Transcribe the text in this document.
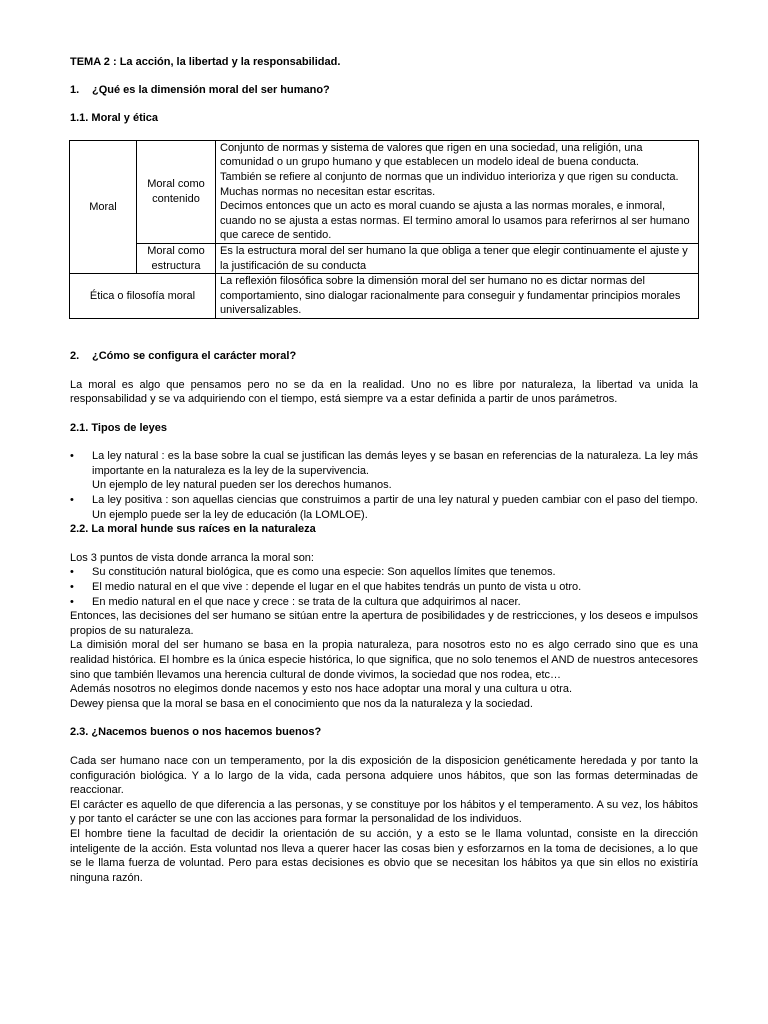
TEMA 2 : La acción, la libertad y la responsabilidad.
1.	¿Qué es la dimensión moral del ser humano?
1.1. Moral y ética
Moral	Moral como contenido	Conjunto de normas y sistema de valores que rigen en una sociedad, una religión, una comunidad o un grupo humano y que establecen un modelo ideal de buena conducta.
También se refiere al conjunto de normas que un individuo interioriza y que rigen su conducta. Muchas normas no necesitan estar escritas.
Decimos entonces que un acto es moral cuando se ajusta a las normas morales, e inmoral, cuando no se ajusta a estas normas. El termino amoral lo usamos para referirnos al ser humano que carece de sentido.

	Moral como estructura	Es la estructura moral del ser humano la que obliga a tener que elegir continuamente el ajuste y la justificación de su conducta
Ética o filosofía moral		La reflexión filosófica sobre la dimensión moral del ser humano no es dictar normas del comportamiento, sino dialogar racionalmente para conseguir y fundamentar principios morales universalizables.
2.	¿Cómo se configura el carácter moral?

La moral es algo que pensamos pero no se da en la realidad. Uno no es libre por naturaleza, la libertad va unida la responsabilidad y se va adquiriendo con el tiempo, está siempre va a estar definida a partir de unos parámetros.

2.1. Tipos de leyes
• La ley natural : es la base sobre la cual se justifican las demás leyes y se basan en referencias de la naturaleza. La ley más importante en la naturaleza es la ley de la supervivencia.
Un ejemplo de ley natural pueden ser los derechos humanos.
• La ley positiva : son aquellas ciencias que construimos a partir de una ley natural y pueden cambiar con el paso del tiempo. Un ejemplo puede ser la ley de educación (la LOMLOE).
2.2. La moral hunde sus raíces en la naturaleza

Los 3 puntos de vista donde arranca la moral son:

• Su constitución natural biológica, que es como una especie: Son aquellos límites que tenemos.
• El medio natural en el que vive : depende el lugar en el que habites tendrás un punto de vista u otro.
• En medio natural en el que nace y crece : se trata de la cultura que adquirimos al nacer.

Entonces, las decisiones del ser humano se sitúan entre la apertura de posibilidades y de restricciones, y los deseos e impulsos propios de su naturaleza.

La dimisión moral del ser humano se basa en la propia naturaleza, para nosotros esto no es algo cerrado sino que es una realidad histórica. El hombre es la única especie histórica, lo que significa, que no solo tenemos el AND de nuestros antecesores sino que también llevamos una herencia cultural de donde vivimos, la sociedad que nos rodea, etc…

Además nosotros no elegimos donde nacemos y esto nos hace adoptar una moral y una cultura u otra.

Dewey piensa que la moral se basa en el conocimiento que nos da la naturaleza y la sociedad.

2.3. ¿Nacemos buenos o nos hacemos buenos?

Cada ser humano nace con un temperamento, por la dis exposición de la disposicion genéticamente heredada y por tanto la configuración biológica. Y a lo largo de la vida, cada persona adquiere unos hábitos, que son las formas determinadas de reaccionar.

El carácter es aquello de que diferencia a las personas, y se constituye por los hábitos y el temperamento. A su vez, los hábitos y por tanto el carácter se une con las acciones para formar la personalidad de los individuos.

El hombre tiene la facultad de decidir la orientación de su acción, y a esto se le llama voluntad, consiste en la dirección inteligente de la acción. Esta voluntad nos lleva a querer hacer las cosas bien y esforzarnos en la toma de decisiones, a lo que se le llama fuerza de voluntad. Pero para estas decisiones es obvio que se necesitan los hábitos ya que sin ellos no existiría ninguna razón.
